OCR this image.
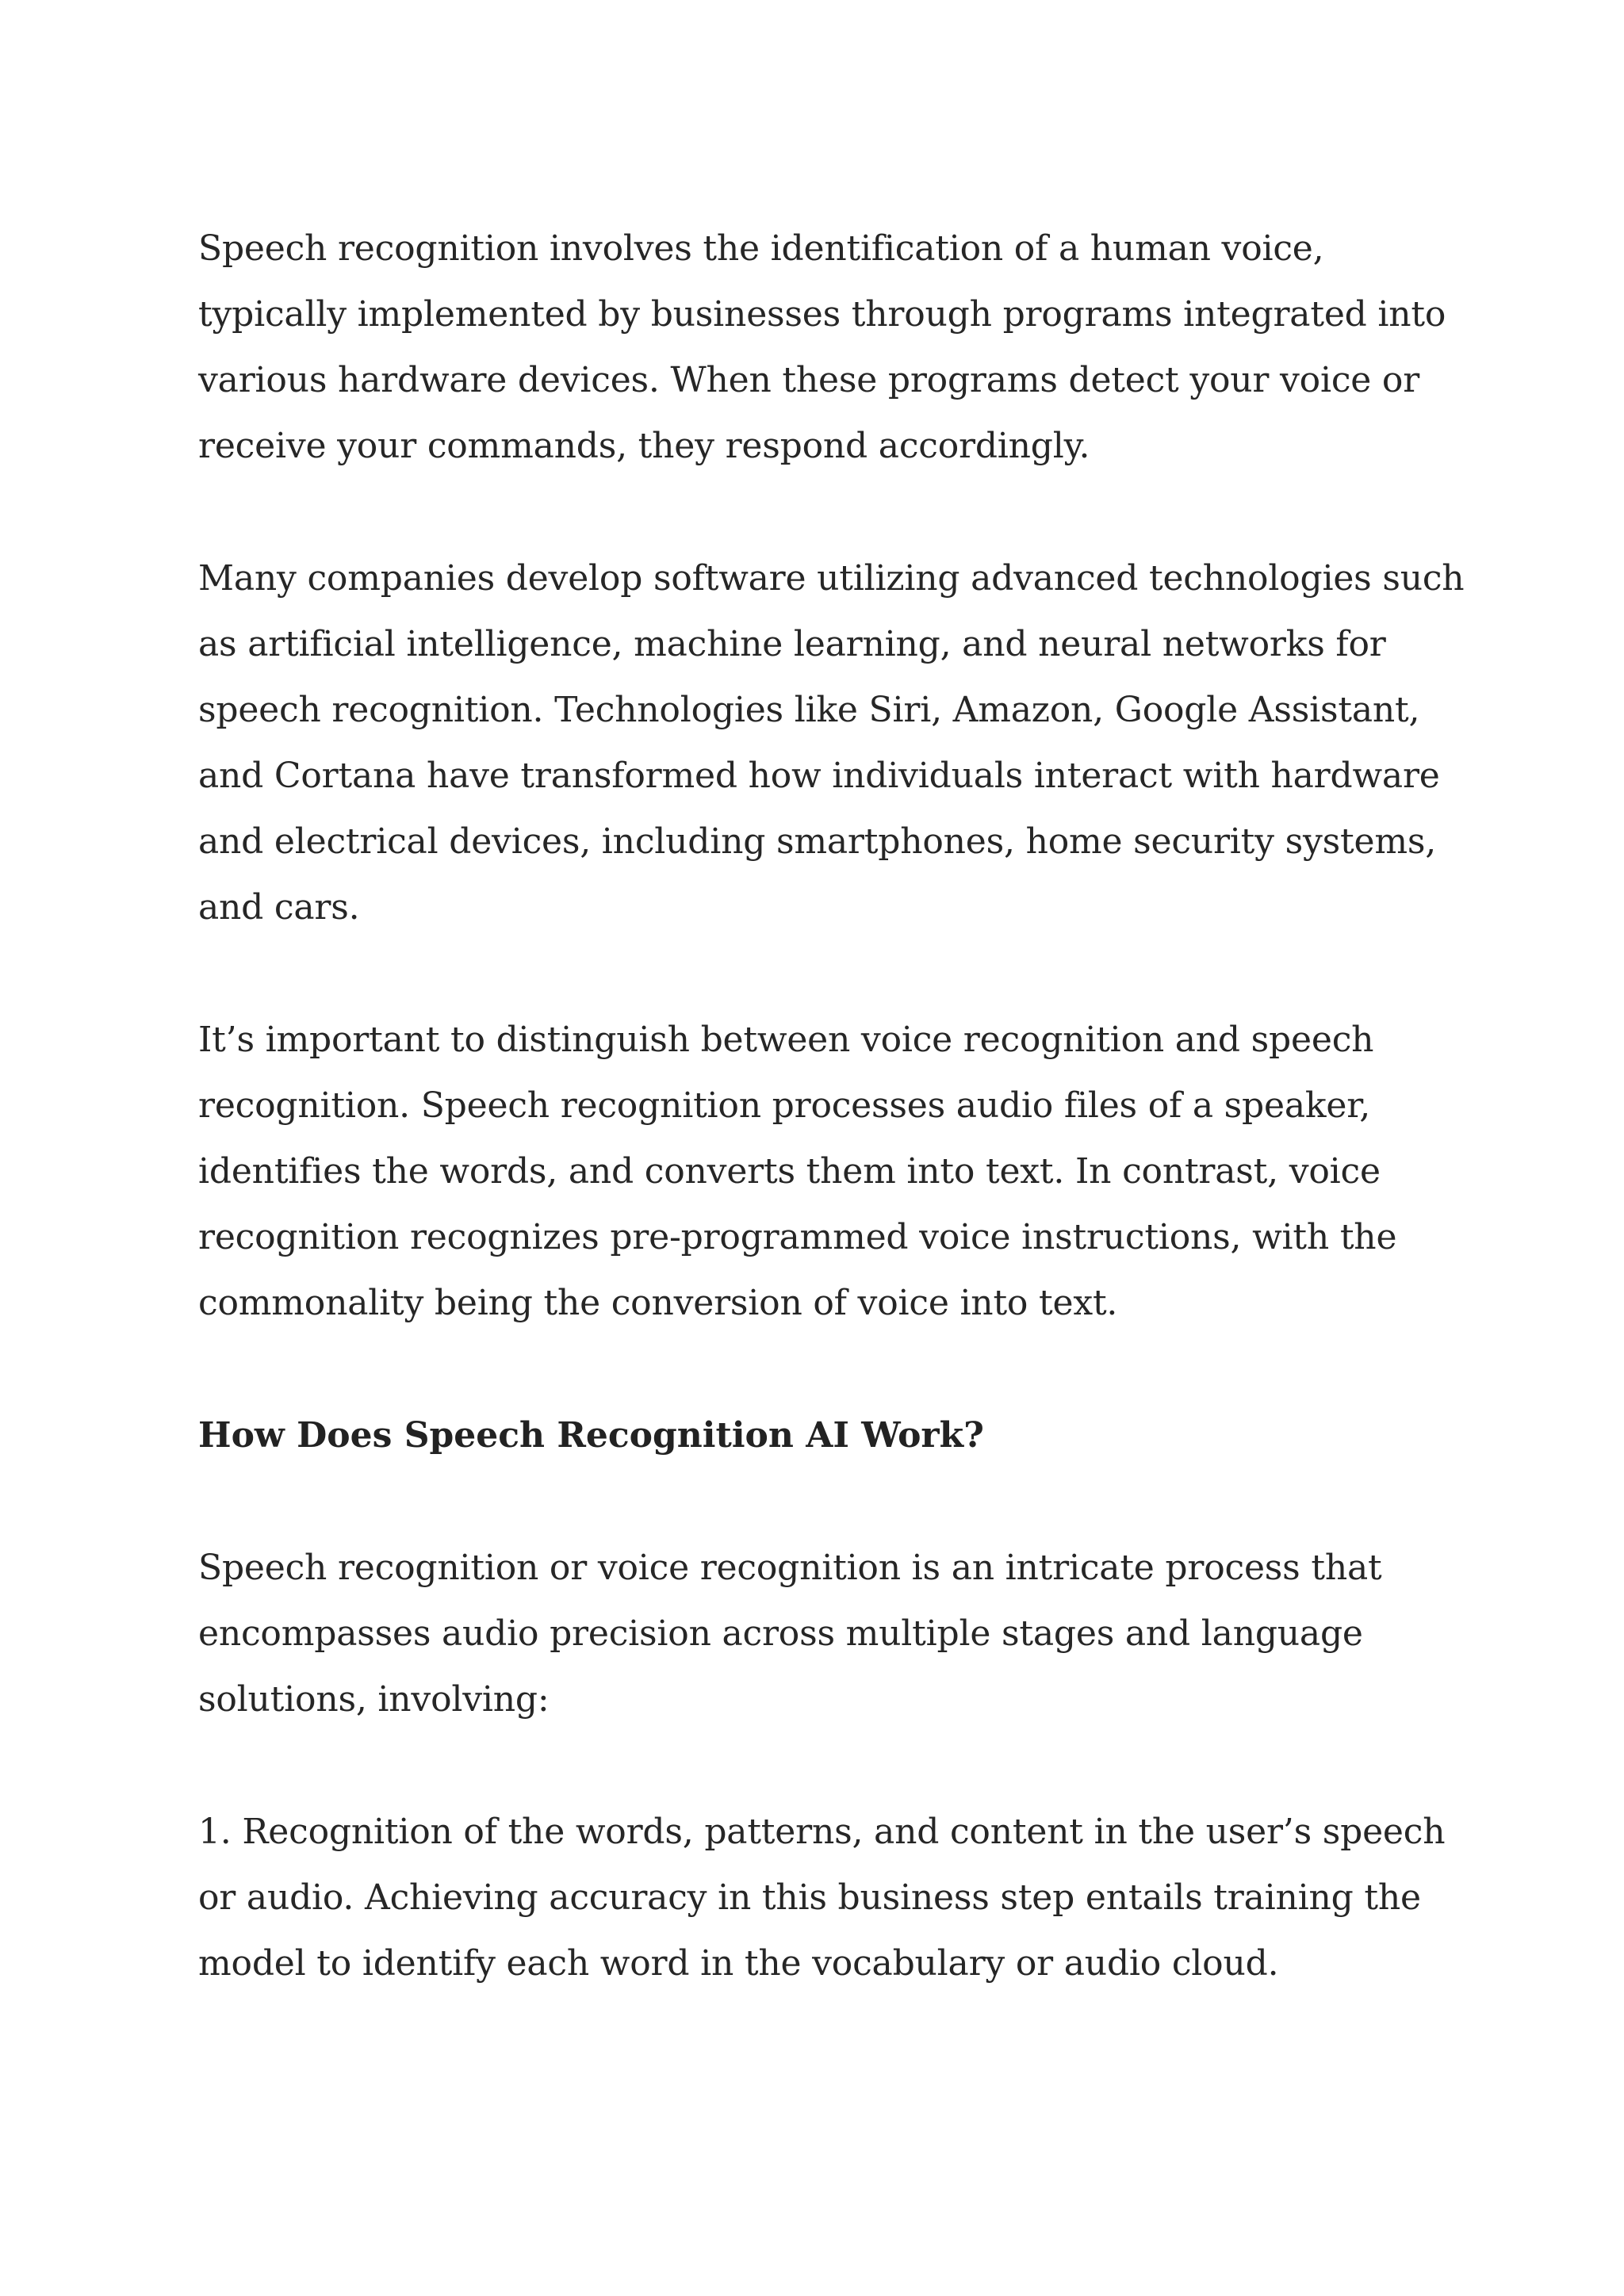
Speech recognition involves the identification of a human voice, typically implemented by businesses through programs integrated into various hardware devices. When these programs detect your voice or receive your commands, they respond accordingly.

Many companies develop software utilizing advanced technologies such as artificial intelligence, machine learning, and neural networks for speech recognition. Technologies like Siri, Amazon, Google Assistant, and Cortana have transformed how individuals interact with hardware and electrical devices, including smartphones, home security systems, and cars.

It’s important to distinguish between voice recognition and speech recognition. Speech recognition processes audio files of a speaker, identifies the words, and converts them into text. In contrast, voice recognition recognizes pre-programmed voice instructions, with the commonality being the conversion of voice into text.

How Does Speech Recognition AI Work?

Speech recognition or voice recognition is an intricate process that encompasses audio precision across multiple stages and language solutions, involving:

1. Recognition of the words, patterns, and content in the user’s speech or audio. Achieving accuracy in this business step entails training the model to identify each word in the vocabulary or audio cloud.
